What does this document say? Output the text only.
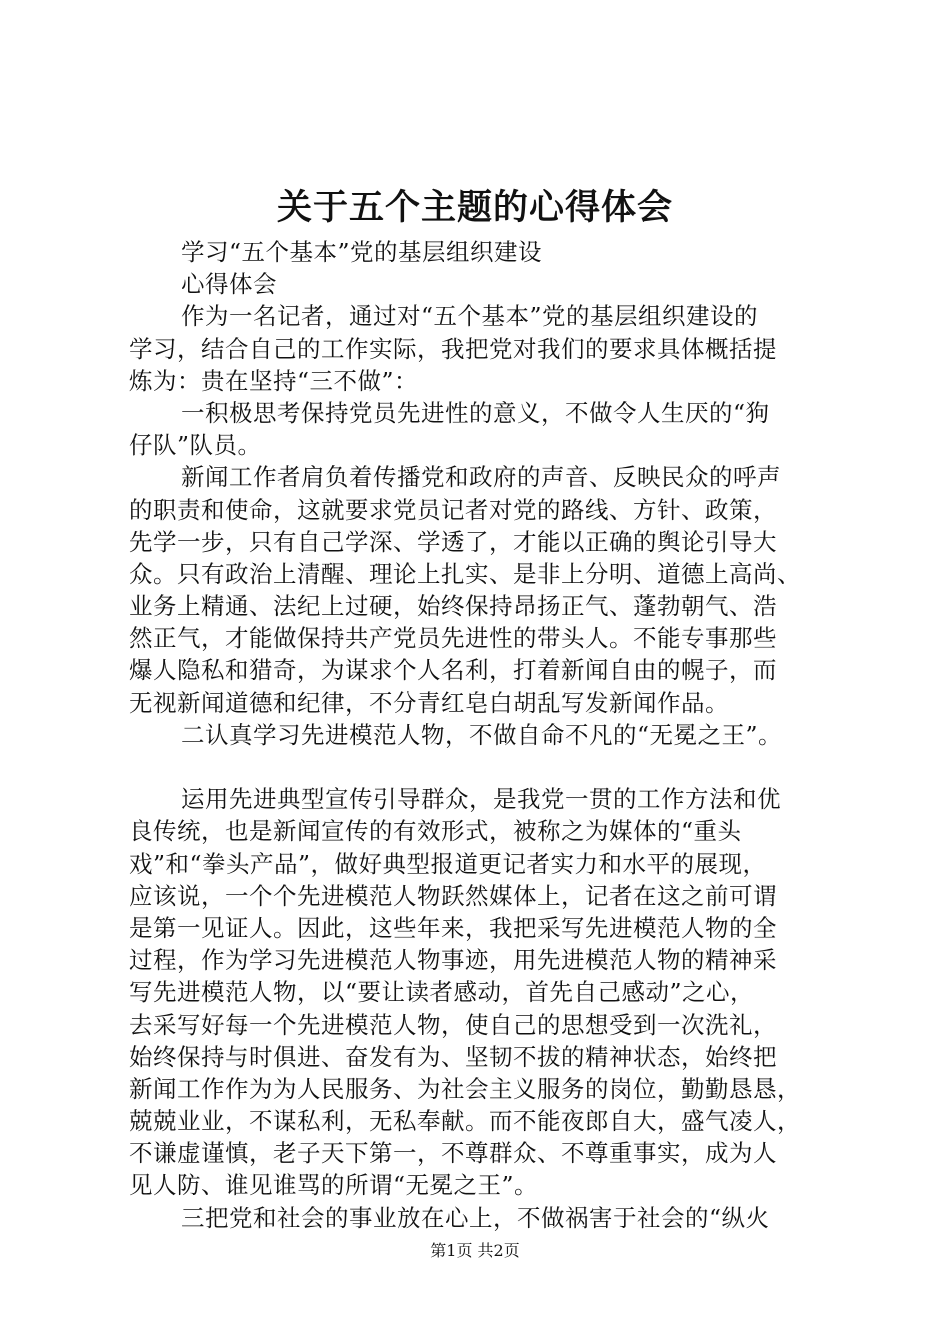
关于五个主题的心得体会

学习“五个基本”党的基层组织建设

心得体会

作为一名记者，通过对“五个基本”党的基层组织建设的

学习，结合自己的工作实际，我把党对我们的要求具体概括提

炼为：贵在坚持“三不做”：

一积极思考保持党员先进性的意义，不做令人生厌的“狗

仔队”队员。

新闻工作者肩负着传播党和政府的声音、反映民众的呼声

的职责和使命，这就要求党员记者对党的路线、方针、政策，

先学一步，只有自己学深、学透了，才能以正确的舆论引导大

众。只有政治上清醒、理论上扎实、是非上分明、道德上高尚、

业务上精通、法纪上过硬，始终保持昂扬正气、蓬勃朝气、浩

然正气，才能做保持共产党员先进性的带头人。不能专事那些

爆人隐私和猎奇，为谋求个人名利，打着新闻自由的幌子，而

无视新闻道德和纪律，不分青红皂白胡乱写发新闻作品。

二认真学习先进模范人物，不做自命不凡的“无冕之王”。

运用先进典型宣传引导群众，是我党一贯的工作方法和优

良传统，也是新闻宣传的有效形式，被称之为媒体的“重头

戏”和“拳头产品”，做好典型报道更记者实力和水平的展现，

应该说，一个个先进模范人物跃然媒体上，记者在这之前可谓

是第一见证人。因此，这些年来，我把采写先进模范人物的全

过程，作为学习先进模范人物事迹，用先进模范人物的精神采

写先进模范人物，以“要让读者感动，首先自己感动”之心，

去采写好每一个先进模范人物，使自己的思想受到一次洗礼，

始终保持与时俱进、奋发有为、坚韧不拔的精神状态，始终把

新闻工作作为为人民服务、为社会主义服务的岗位，勤勤恳恳，

兢兢业业，不谋私利，无私奉献。而不能夜郎自大，盛气凌人，

不谦虚谨慎，老子天下第一，不尊群众、不尊重事实，成为人

见人防、谁见谁骂的所谓“无冕之王”。

三把党和社会的事业放在心上，不做祸害于社会的“纵火

第1页 共2页
